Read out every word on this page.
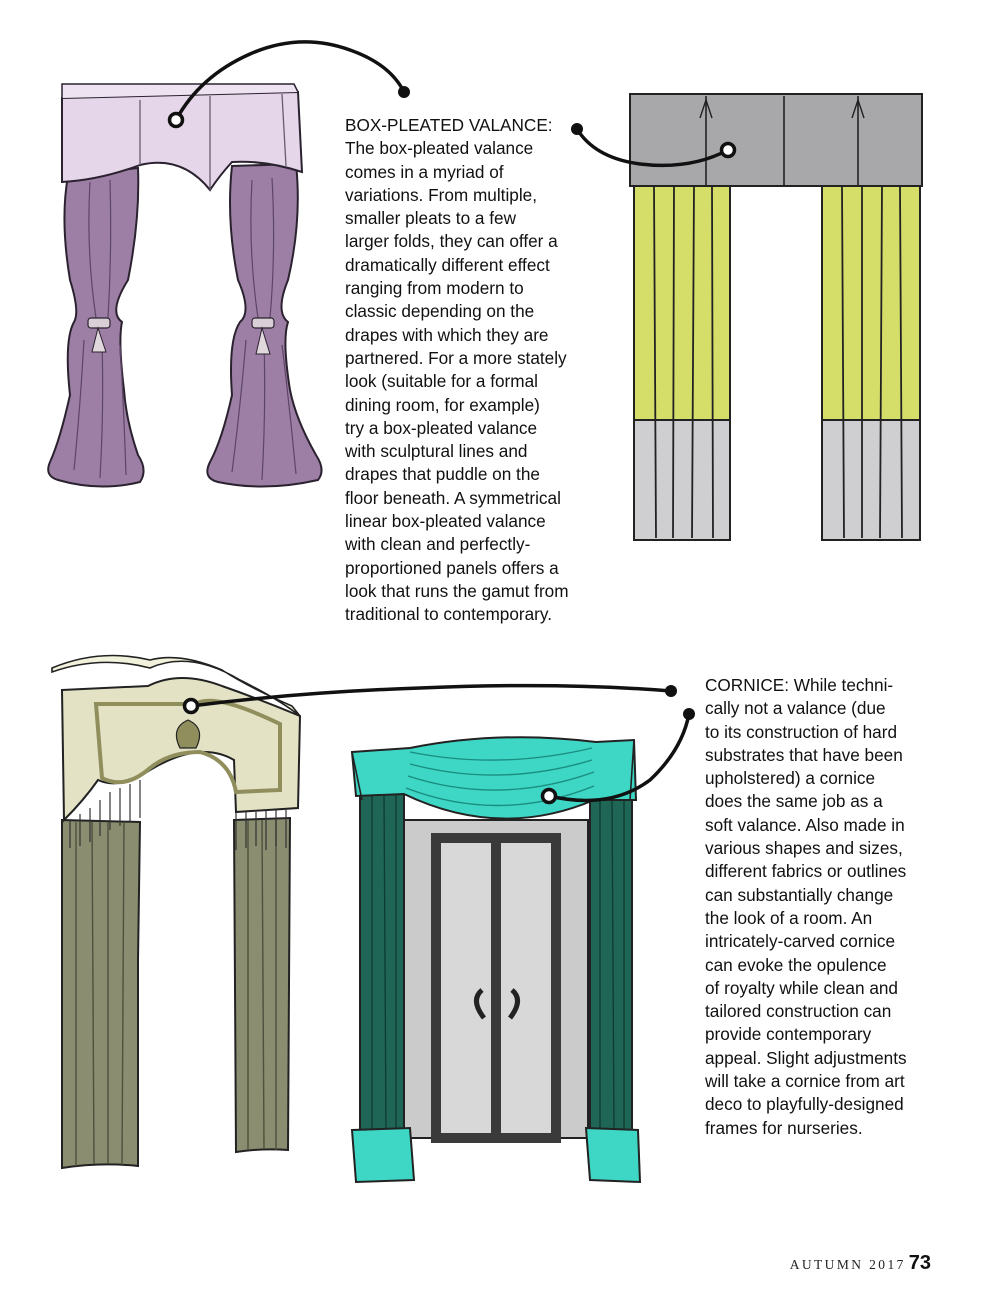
BOX-PLEATED VALANCE:
The box-pleated valance
comes in a myriad of
variations. From multiple,
smaller pleats to a few
larger folds, they can offer a
dramatically different effect
ranging from modern to
classic depending on the
drapes with which they are
partnered. For a more stately
look (suitable for a formal
dining room, for example)
try a box-pleated valance
with sculptural lines and
drapes that puddle on the
floor beneath. A symmetrical
linear box-pleated valance
with clean and perfectly-
proportioned panels offers a
look that runs the gamut from
traditional to contemporary.

CORNICE: While techni-
cally not a valance (due
to its construction of hard
substrates that have been
upholstered) a cornice
does the same job as a
soft valance. Also made in
various shapes and sizes,
different fabrics or outlines
can substantially change
the look of a room. An
intricately-carved cornice
can evoke the opulence
of royalty while clean and
tailored construction can
provide contemporary
appeal. Slight adjustments
will take a cornice from art
deco to playfully-designed
frames for nurseries.

AUTUMN 2017 73
